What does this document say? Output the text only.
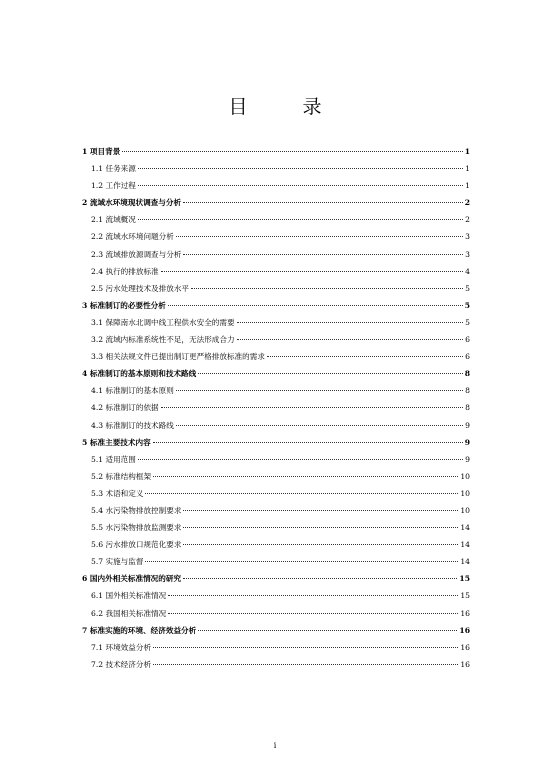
目　录
1 项目背景	1
1.1 任务来源	1
1.2 工作过程	1
2 流域水环境现状调查与分析	2
2.1 流域概况	2
2.2 流域水环境问题分析	3
2.3 流域排放源调查与分析	3
2.4 执行的排放标准	4
2.5 污水处理技术及排放水平	5
3 标准制订的必要性分析	5
3.1 保障南水北调中线工程供水安全的需要	5
3.2 流域内标准系统性不足，无法形成合力	6
3.3 相关法规文件已提出制订更严格排放标准的需求	6
4 标准制订的基本原则和技术路线	8
4.1 标准制订的基本原则	8
4.2 标准制订的依据	8
4.3 标准制订的技术路线	9
5 标准主要技术内容	9
5.1 适用范围	9
5.2 标准结构框架	10
5.3 术语和定义	10
5.4 水污染物排放控制要求	10
5.5 水污染物排放监测要求	14
5.6 污水排放口规范化要求	14
5.7 实施与监督	14
6 国内外相关标准情况的研究	15
6.1 国外相关标准情况	15
6.2 我国相关标准情况	16
7 标准实施的环境、经济效益分析	16
7.1 环境效益分析	16
7.2 技术经济分析	16
i
